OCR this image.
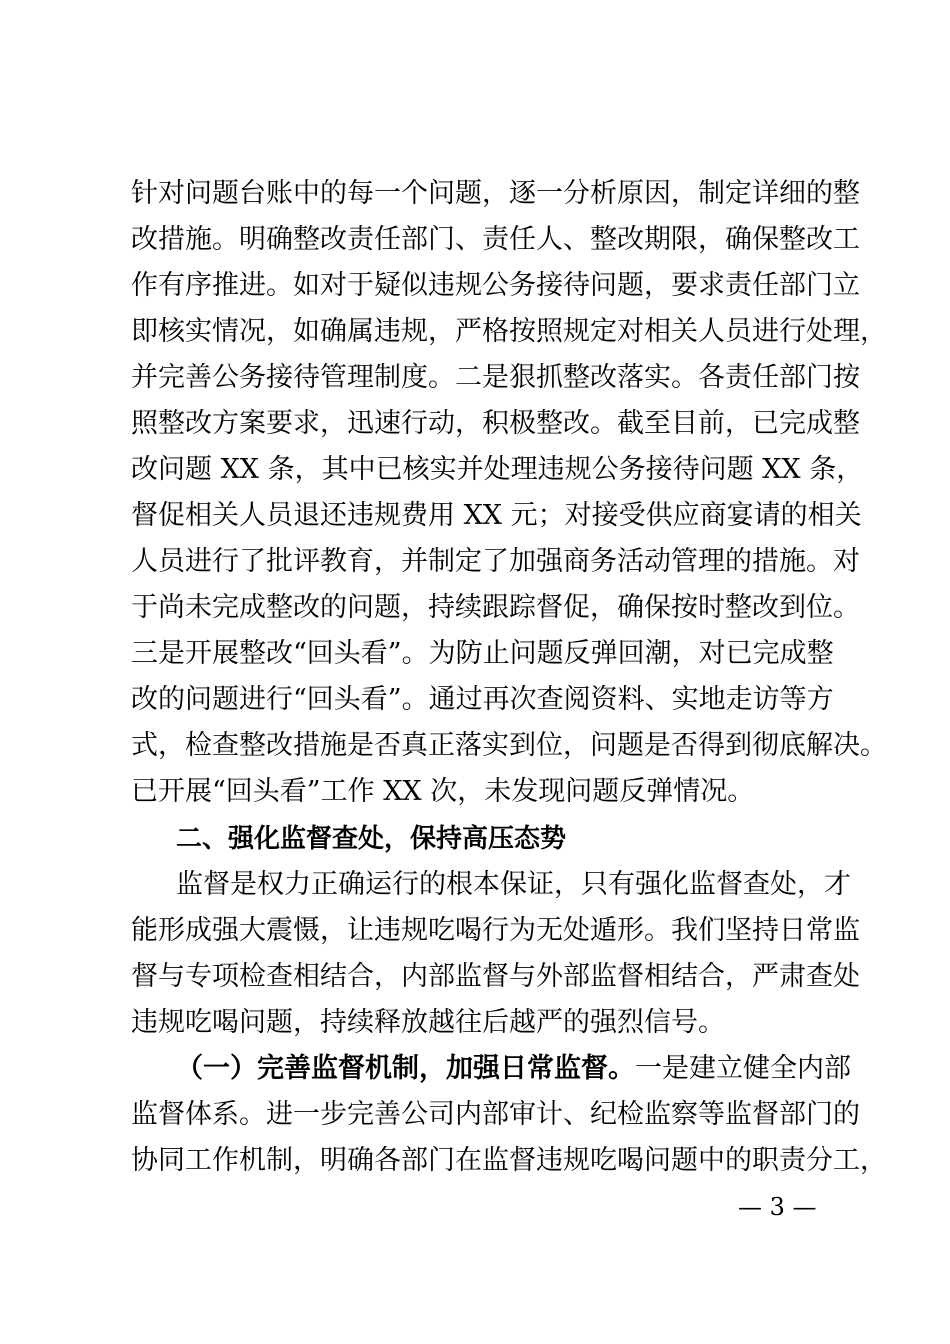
针对问题台账中的每一个问题，逐一分析原因，制定详细的整
改措施。明确整改责任部门、责任人、整改期限，确保整改工
作有序推进。如对于疑似违规公务接待问题，要求责任部门立
即核实情况，如确属违规，严格按照规定对相关人员进行处理，
并完善公务接待管理制度。二是狠抓整改落实。各责任部门按
照整改方案要求，迅速行动，积极整改。截至目前，已完成整
改问题 XX 条，其中已核实并处理违规公务接待问题 XX 条，
督促相关人员退还违规费用 XX 元；对接受供应商宴请的相关
人员进行了批评教育，并制定了加强商务活动管理的措施。对
于尚未完成整改的问题，持续跟踪督促，确保按时整改到位。
三是开展整改“回头看”。为防止问题反弹回潮，对已完成整
改的问题进行“回头看”。通过再次查阅资料、实地走访等方
式，检查整改措施是否真正落实到位，问题是否得到彻底解决。
已开展“回头看”工作 XX 次，未发现问题反弹情况。
二、强化监督查处，保持高压态势
监督是权力正确运行的根本保证，只有强化监督查处，才
能形成强大震慑，让违规吃喝行为无处遁形。我们坚持日常监
督与专项检查相结合，内部监督与外部监督相结合，严肃查处
违规吃喝问题，持续释放越往后越严的强烈信号。
（一）完善监督机制，加强日常监督。一是建立健全内部
监督体系。进一步完善公司内部审计、纪检监察等监督部门的
协同工作机制，明确各部门在监督违规吃喝问题中的职责分工，
— 3 —
